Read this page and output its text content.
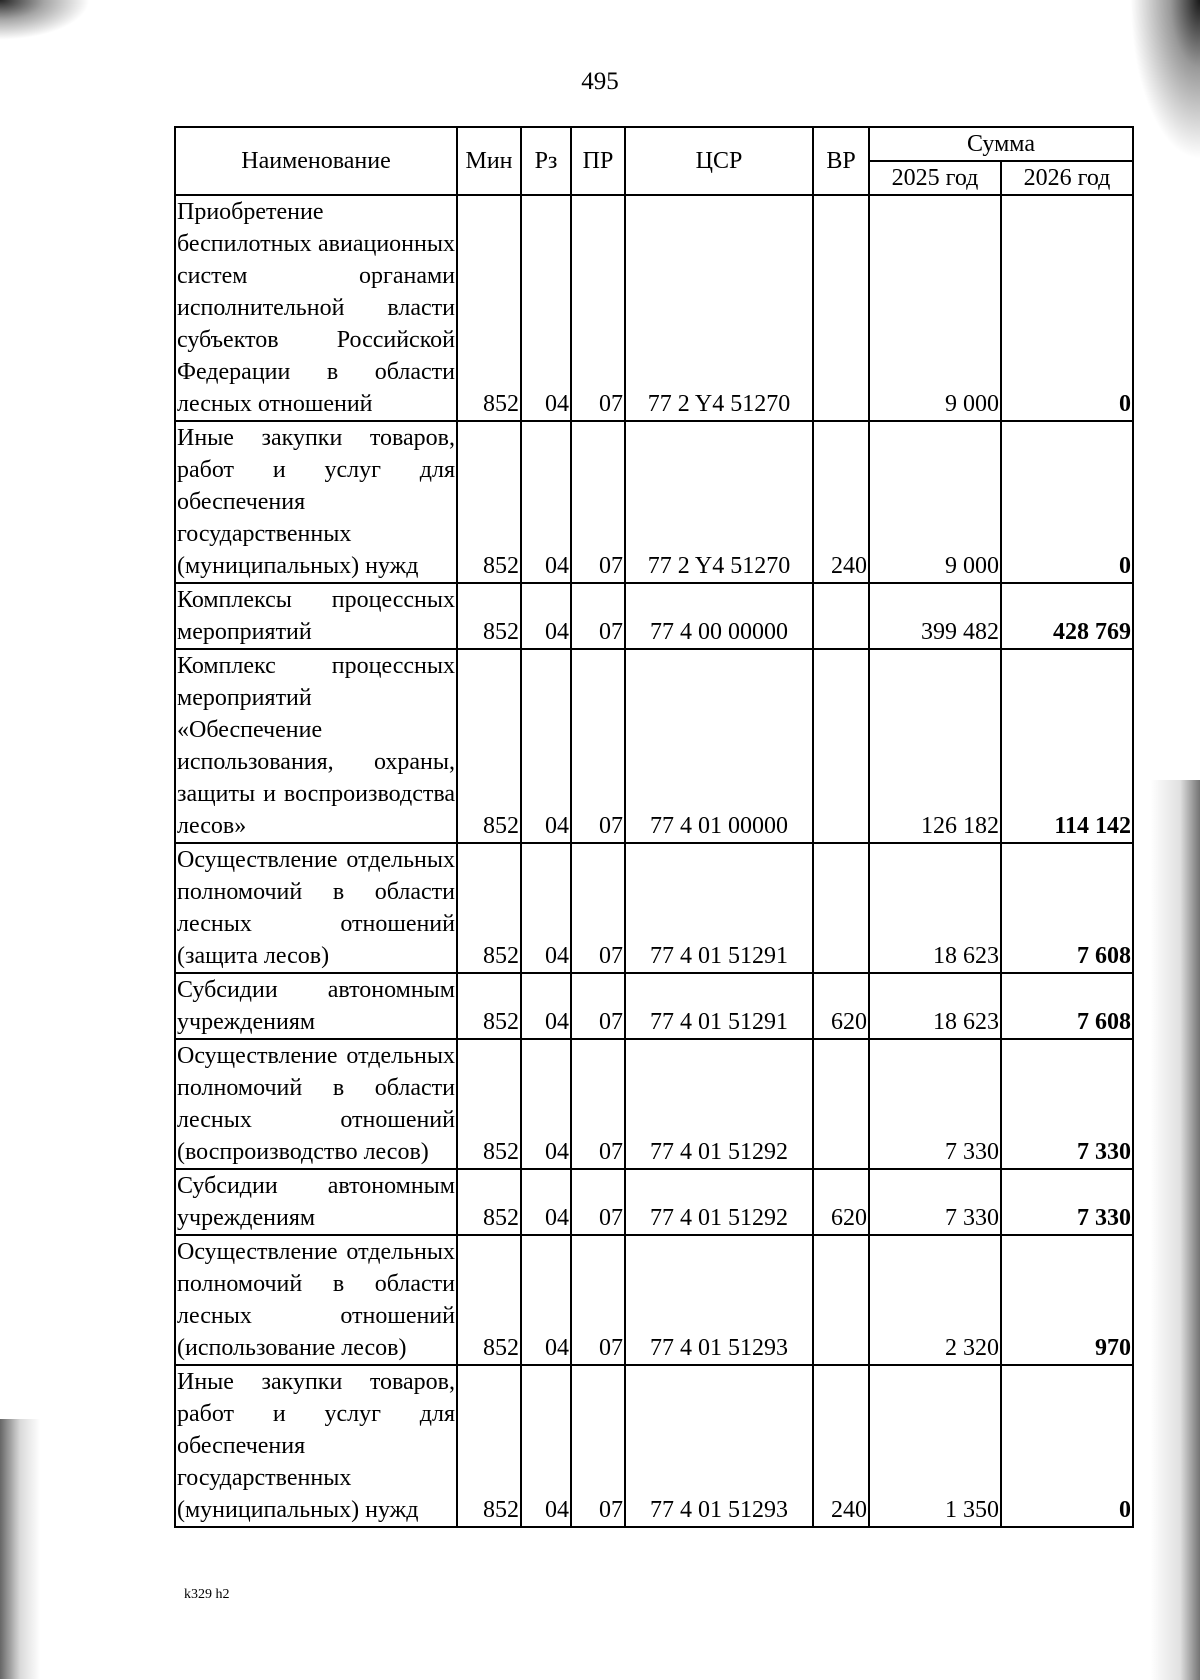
495
Наименование	Мин	Рз	ПР	ЦСР	ВР	Сумма	
						2025 год	2026 год
Приобретение беспилотных авиационных систем органами исполнительной власти субъектов Российской Федерации в области лесных отношений	852	04	07	77 2 Y4 51270		9 000	0
Иные закупки товаров, работ и услуг для обеспечения государственных (муниципальных) нужд	852	04	07	77 2 Y4 51270	240	9 000	0
Комплексы процессных мероприятий	852	04	07	77 4 00 00000		399 482	428 769
Комплекс процессных мероприятий «Обеспечение использования, охраны, защиты и воспроизводства лесов»	852	04	07	77 4 01 00000		126 182	114 142
Осуществление отдельных полномочий в области лесных отношений (защита лесов)	852	04	07	77 4 01 51291		18 623	7 608
Субсидии автономным учреждениям	852	04	07	77 4 01 51291	620	18 623	7 608
Осуществление отдельных полномочий в области лесных отношений (воспроизводство лесов)	852	04	07	77 4 01 51292		7 330	7 330
Субсидии автономным учреждениям	852	04	07	77 4 01 51292	620	7 330	7 330
Осуществление отдельных полномочий в области лесных отношений (использование лесов)	852	04	07	77 4 01 51293		2 320	970
Иные закупки товаров, работ и услуг для обеспечения государственных (муниципальных) нужд	852	04	07	77 4 01 51293	240	1 350	0
k329 h2
